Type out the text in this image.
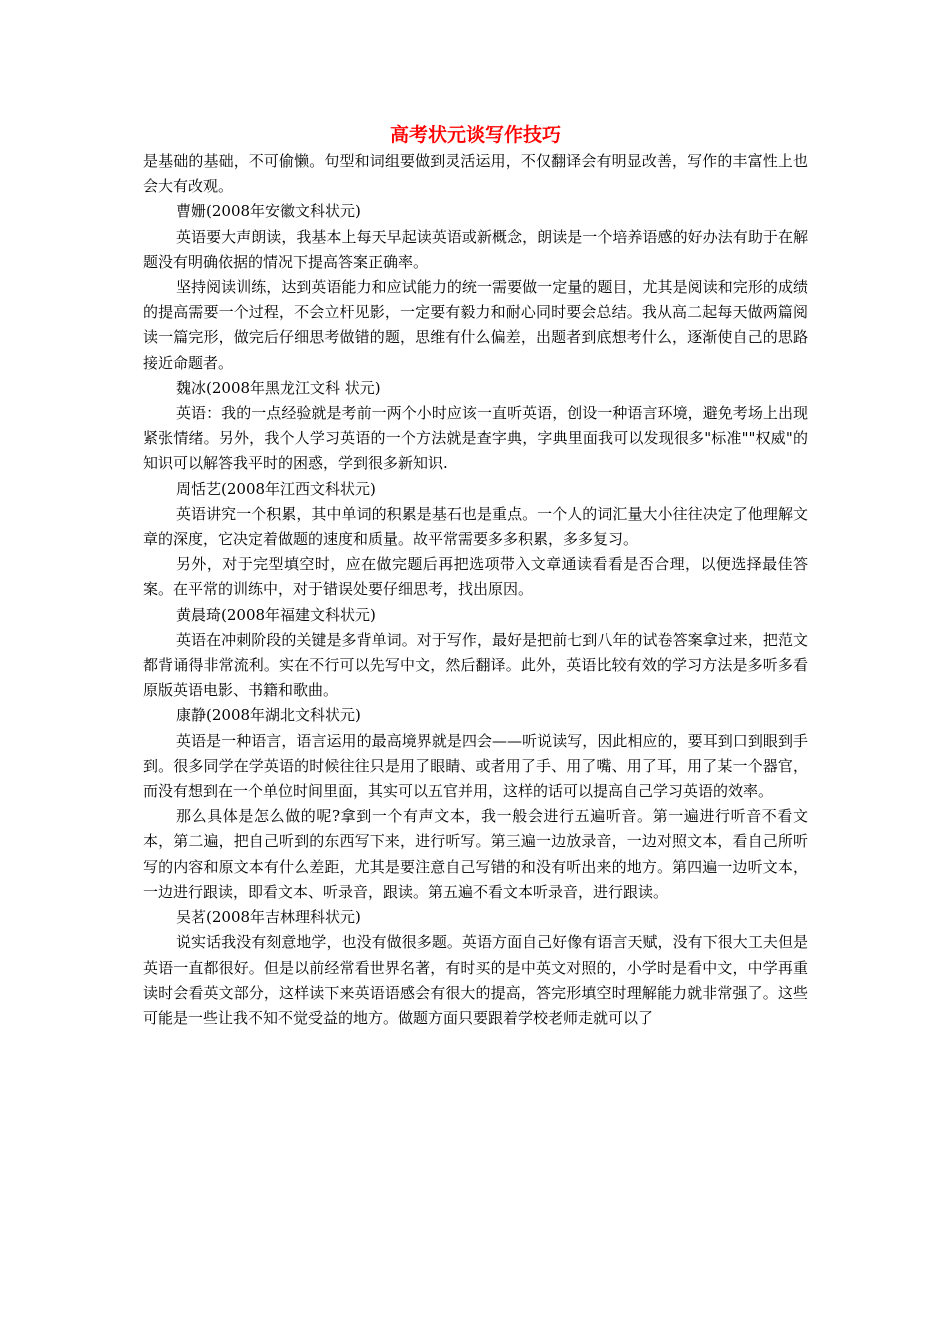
高考状元谈写作技巧

是基础的基础，不可偷懒。句型和词组要做到灵活运用，不仅翻译会有明显改善，写作的丰富性上也会大有改观。

曹姗(2008年安徽文科状元)

英语要大声朗读，我基本上每天早起读英语或新概念，朗读是一个培养语感的好办法有助于在解题没有明确依据的情况下提高答案正确率。

坚持阅读训练，达到英语能力和应试能力的统一需要做一定量的题目，尤其是阅读和完形的成绩的提高需要一个过程，不会立杆见影，一定要有毅力和耐心同时要会总结。我从高二起每天做两篇阅读一篇完形，做完后仔细思考做错的题，思维有什么偏差，出题者到底想考什么，逐渐使自己的思路接近命题者。

魏冰(2008年黑龙江文科 状元)

英语：我的一点经验就是考前一两个小时应该一直听英语，创设一种语言环境，避免考场上出现紧张情绪。另外，我个人学习英语的一个方法就是查字典，字典里面我可以发现很多"标准""权威"的知识可以解答我平时的困惑，学到很多新知识.

周恬艺(2008年江西文科状元)

英语讲究一个积累，其中单词的积累是基石也是重点。一个人的词汇量大小往往决定了他理解文章的深度，它决定着做题的速度和质量。故平常需要多多积累，多多复习。

另外，对于完型填空时，应在做完题后再把选项带入文章通读看看是否合理，以便选择最佳答案。在平常的训练中，对于错误处要仔细思考，找出原因。

黄晨琦(2008年福建文科状元)

英语在冲刺阶段的关键是多背单词。对于写作，最好是把前七到八年的试卷答案拿过来，把范文都背诵得非常流利。实在不行可以先写中文，然后翻译。此外，英语比较有效的学习方法是多听多看原版英语电影、书籍和歌曲。

康静(2008年湖北文科状元)

英语是一种语言，语言运用的最高境界就是四会——听说读写，因此相应的，要耳到口到眼到手到。很多同学在学英语的时候往往只是用了眼睛、或者用了手、用了嘴、用了耳，用了某一个器官，而没有想到在一个单位时间里面，其实可以五官并用，这样的话可以提高自己学习英语的效率。

那么具体是怎么做的呢?拿到一个有声文本，我一般会进行五遍听音。第一遍进行听音不看文本，第二遍，把自己听到的东西写下来，进行听写。第三遍一边放录音，一边对照文本，看自己所听写的内容和原文本有什么差距，尤其是要注意自己写错的和没有听出来的地方。第四遍一边听文本，一边进行跟读，即看文本、听录音，跟读。第五遍不看文本听录音，进行跟读。

吴茗(2008年吉林理科状元)

说实话我没有刻意地学，也没有做很多题。英语方面自己好像有语言天赋，没有下很大工夫但是英语一直都很好。但是以前经常看世界名著，有时买的是中英文对照的，小学时是看中文，中学再重读时会看英文部分，这样读下来英语语感会有很大的提高，答完形填空时理解能力就非常强了。这些可能是一些让我不知不觉受益的地方。做题方面只要跟着学校老师走就可以了
